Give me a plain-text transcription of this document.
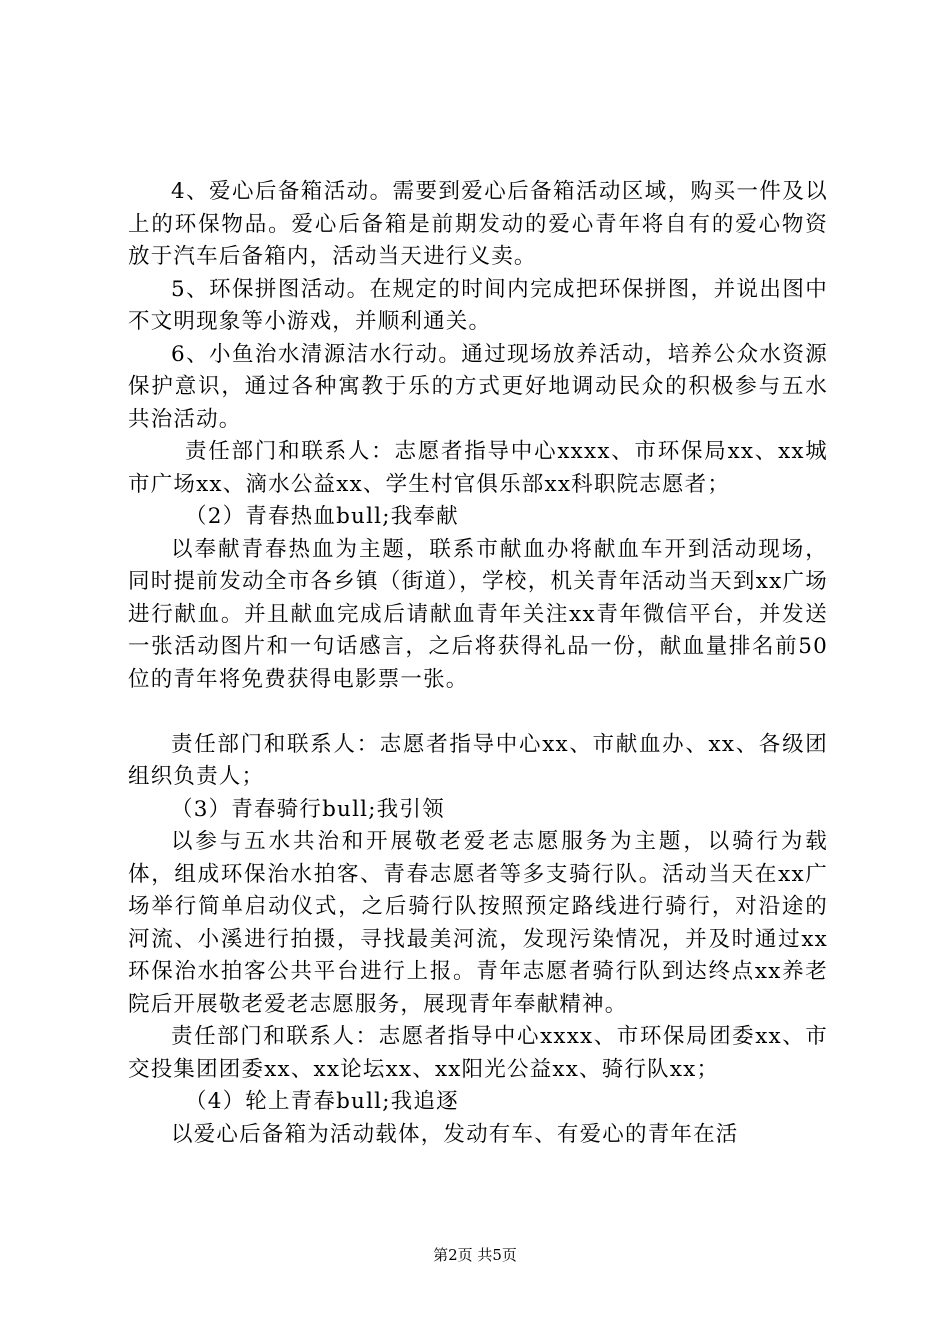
4、爱心后备箱活动。需要到爱心后备箱活动区域，购买一件及以上的环保物品。爱心后备箱是前期发动的爱心青年将自有的爱心物资放于汽车后备箱内，活动当天进行义卖。

5、环保拼图活动。在规定的时间内完成把环保拼图，并说出图中不文明现象等小游戏，并顺利通关。

6、小鱼治水清源洁水行动。通过现场放养活动，培养公众水资源保护意识，通过各种寓教于乐的方式更好地调动民众的积极参与五水共治活动。

责任部门和联系人：志愿者指导中心xxxx、市环保局xx、xx城市广场xx、滴水公益xx、学生村官俱乐部xx科职院志愿者；

（2）青春热血bull;我奉献

以奉献青春热血为主题，联系市献血办将献血车开到活动现场，同时提前发动全市各乡镇（街道），学校，机关青年活动当天到xx广场进行献血。并且献血完成后请献血青年关注xx青年微信平台，并发送一张活动图片和一句话感言，之后将获得礼品一份，献血量排名前50位的青年将免费获得电影票一张。

责任部门和联系人：志愿者指导中心xx、市献血办、xx、各级团组织负责人；

（3）青春骑行bull;我引领

以参与五水共治和开展敬老爱老志愿服务为主题，以骑行为载体，组成环保治水拍客、青春志愿者等多支骑行队。活动当天在xx广场举行简单启动仪式，之后骑行队按照预定路线进行骑行，对沿途的河流、小溪进行拍摄，寻找最美河流，发现污染情况，并及时通过xx环保治水拍客公共平台进行上报。青年志愿者骑行队到达终点xx养老院后开展敬老爱老志愿服务，展现青年奉献精神。

责任部门和联系人：志愿者指导中心xxxx、市环保局团委xx、市交投集团团委xx、xx论坛xx、xx阳光公益xx、骑行队xx；

（4）轮上青春bull;我追逐

以爱心后备箱为活动载体，发动有车、有爱心的青年在活

第2页 共5页
